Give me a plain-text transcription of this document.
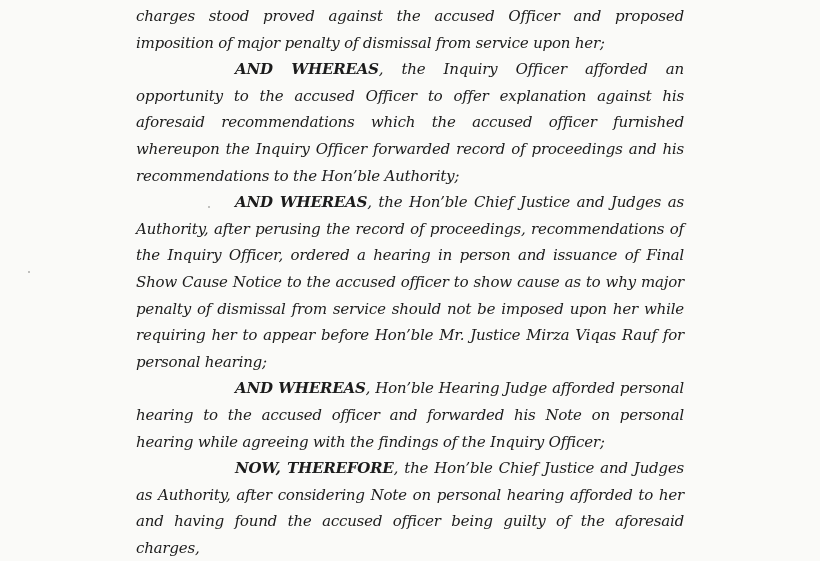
charges stood proved against the accused Officer and proposed imposition of major penalty of dismissal from service upon her;

AND WHEREAS, the Inquiry Officer afforded an opportunity to the accused Officer to offer explanation against his aforesaid recommendations which the accused officer furnished whereupon the Inquiry Officer forwarded record of proceedings and his recommendations to the Hon’ble Authority;

AND WHEREAS, the Hon’ble Chief Justice and Judges as Authority, after perusing the record of proceedings, recommendations of the Inquiry Officer, ordered a hearing in person and issuance of Final Show Cause Notice to the accused officer to show cause as to why major penalty of dismissal from service should not be imposed upon her while requiring her to appear before Hon’ble Mr. Justice Mirza Viqas Rauf for personal hearing;

AND WHEREAS, Hon’ble Hearing Judge afforded personal hearing to the accused officer and forwarded his Note on personal hearing while agreeing with the findings of the Inquiry Officer;

NOW, THEREFORE, the Hon’ble Chief Justice and Judges as Authority, after considering Note on personal hearing afforded to her and having found the accused officer being guilty of the aforesaid charges,
